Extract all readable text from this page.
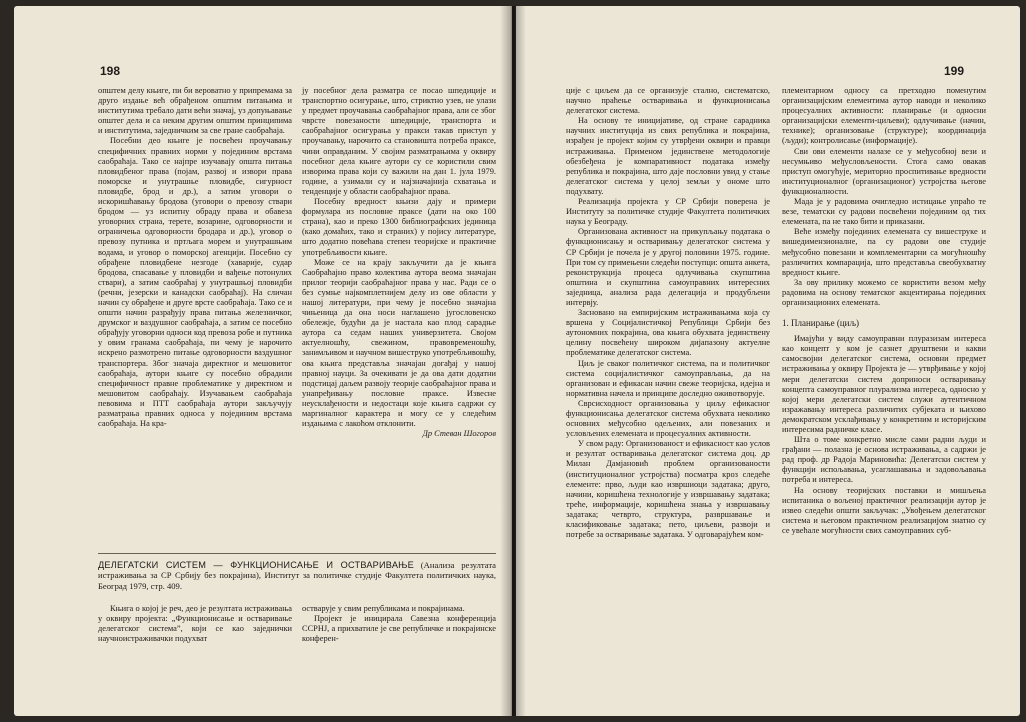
198

општем делу књиге, пи би вероватно у припремама за друго издање већ обрађеном општим питањима и институтима требало дати већи значај, уз допуњавање општег дела и са неким другим општим принципима и институтима, заједничким за све гране саобраћаја.

Посебни део књиге је посвећен проучавању специфичних правних норми у појединим врстама саобраћаја. Тако се најпре изучавају општа питања пловидбеног права (појам, развој и извори права поморске и унутрашње пловидбе, сигурност пловидбе, брод и др.), а затим уговори о искоришћавању бродова (уговори о превозу ствари бродом — уз испитну обраду права и обавеза уговорних страна, терете, возарине, одговорности и ограничења одговорности бродара и др.), уговор о превозу путника и пртљага морем и унутрашњим водама, и уговор о поморској агенцији. Посебно су обрађене пловидбене незгоде (хаварије, судар бродова, спасавање у пловидби и вађење потонулих ствари), а затим саобраћај у унутрашњој пловидби (речни, језерски и канадски саобраћај). На сличан начин су обрађене и друге врсте саобраћаја. Тако се и општи начин разрађују права питања железничког, друмског и ваздушног саобраћаја, а затим се посебно обрађују уговорни односи код превоза робе и путника у овим гранама саобраћаја, пи чему је нарочито искрено размотрено питање одговорности ваздушног транспортера. Због значаја директног и мешовитог саобраћаја, аутори књиге су посебно обрадили специфичност правне проблематике у директном и мешовитом саобраћају. Изучавањем саобраћаја певовима и ПТТ саобраћаја аутори закључују разматрања правних односа у појединим врстама саобраћаја. На кра-

ју посебног дела разматра се посао шпедиције и транспортно осигурање, што, стриктно узев, не улази у предмет проучавања саобраћајног права, али се због чврсте повезаности шпедиције, транспорта и саобраћајног осигурања у пракси такав приступ у проучавању, нарочито са становишта потреба праксе, чини оправданим. У својим разматрањима у оквиру посебног дела књиге аутори су се користили свим изворима права који су важили на дан 1. јула 1979. године, а узимали су и најзначајнија схватања и тенденције у области саобраћајног права.

Посебну вредност књизи дају и примери формулара из пословне праксе (дати на око 100 страна), као и преко 1300 библиографских јединица (како домаћих, тако и страних) у појису литературе, што додатно повећава степен теоријске и практичне употребљивости књиге.

Може се на крају закључити да је књига Саобраћајно право колектива аутора веома значајан прилог теорији саобраћајног права у нас. Ради се о без сумње најкомплетнијем делу из ове области у нашој литератури, при чему је посебно значајна чињеница да она носи наглашено југословенско обележје, будући да је настала као плод сарадње аутора са седам наших универзитета. Својом актуелношћу, свежином, правовременошћу, занимљивом и научном вишеструко употребљивошћу, ова књига представља значајан догађај у нашој правној науци. За очекивати је да ова дати додатни подстицај даљем развоју теорије саобраћајног права и унапређивању пословне праксе. Извесне неусклађености и недостаци које књига садржи су маргиналног карактера и могу се у следећим издањима с лакоћом отклонити.

Др Стеван Шогоров

ДЕЛЕГАТСКИ СИСТЕМ — ФУНКЦИОНИСАЊЕ И ОСТВАРИВАЊЕ (Анализа резултата истраживања за СР Србију без покрајина), Институт за политичке студије Факултета политичких наука, Београд 1979, стр. 409.

Књига о којој је реч, део је резултата истраживања у оквиру пројекта: „Функционисање и остваривање делегатског система”, који се као заједнички научноистраживачки подухват

остварује у свим републикама и покрајинама.

Пројект је иницирала Савезна конференција ССРНЈ, а прихватиле је све републичке и покрајинске конферен-

199

ције с циљем да се организује стално, систематско, научно праћење остваривања и функционисања делегатског система.

На основу те иницијативе, од стране сарадника научних институција из свих република и покрајина, израђен је пројект којим су утврђени оквири и правци истраживања. Применом јединствене методологије обезбеђена је компаративност података између република и покрајина, што даје пословни увид у стање делегатског система у целој земљи у ономе што подухвату.

Реализација пројекта у СР Србији поверена је Институту за политичке студије Факултета политичких наука у Београду.

Организована активност на прикупљању података о функционисању и остваривању делегатског система у СР Србији је почела је у другој половини 1975. године. При том су примењени следећи поступци: општа анкета, реконструкција процеса одлучивања скупштина општина и скупштина самоуправних интересних заједница, анализа рада делегација и продубљени интервју.

Засновано на емпиријским истраживањима која су вршена у Социјалистичкој Републици Србији без аутономних покрајина, ова књига обухвата јединствену целину посвећену широком дијапазону актуелне проблематике делегатског система.

Циљ је сваког политичког система, па и политичког система социјалистичког самоуправљања, да на организован и ефикасан начин свеже теоријска, идејна и нормативна начела и принципе доследно оживотворује.

Сврсисходност организовања у циљу ефикасног функционисања делегатског система обухвата неколико основних међусобно одељених, али повезаних и условљених елемената и процесуалних активности.

У свом раду: Организованост и ефикасност као услов и резултат остваривања делегатског система доц. др Милан Дамјановић проблем организованости (институционалног устројства) посматра кроз следеће елементе: прво, људи као извршиоци задатака; друго, начини, коришћена технологије у извршавању задатака; треће, информације, коришћена знања у извршавању задатака; четврто, структура, развршавање и класификовање задатака; пето, циљеви, развоји и потребе за остваривање задатака. У одговарајућем ком-

плементарном односу са претходно поменутим организацијским елементима аутор наводи и неколико процесуалних активности: планирање (и односни организацијски елементи-циљеви); одлучивање (начин, технике); организовање (структуре); координација (људи); контролисање (информације).

Сви ови елементи налазе се у међусобној вези и несумњиво међусловљености. Стога само овакав приступ омогућује, мериторно проспитивање вредности институционалног (организационог) устројства његове функционалности.

Мада је у радовима очигледно истицање упраћо те везе, тематски су радови посвећени појединим од тих елемената, па не тако бити и приказани.

Веће између појединих елемената су вишеструке и вишедимензионалне, па су радови ове студије међусобно повезани и комплементарни са могућношћу различитих компарација, што представља свеобухватну вредност књиге.

За ову прилику можемо се користити везом међу радовима на основу тематског акцентирања појединих организационих елемената.

1. Планирање (циљ)

Имајући у виду самоуправни плуразизам интереса као концепт у ком је сазнет друштвени и какви самосвојни делегатског система, основни предмет истраживања у оквиру Пројекта је — утврђивање у којој мери делегатски систем доприноси остваривању концепта самоуправног плурализма интереса, односно у којој мери делегатски систем служи аутентичном изражавању интереса различитих субјеката и њихово демократском усклађивању у конкретним и историјским интересима радничке класе.

Шта о томе конкретно мисле сами радни људи и грађани — полазна је основа истраживања, а садржи је рад проф. др Радоја Мариновића: Делегатски систем у функцији испољавања, усаглашавања и задовољавања потреба и интереса.

На основу теоријских поставки и мишљења испитаника о вољеној практичног реализацији аутор је извео следећи општи закључак: „Увођењем делегатског система и његовом практичном реализацијом знатно су се увећале могућности свих самоуправних суб-
